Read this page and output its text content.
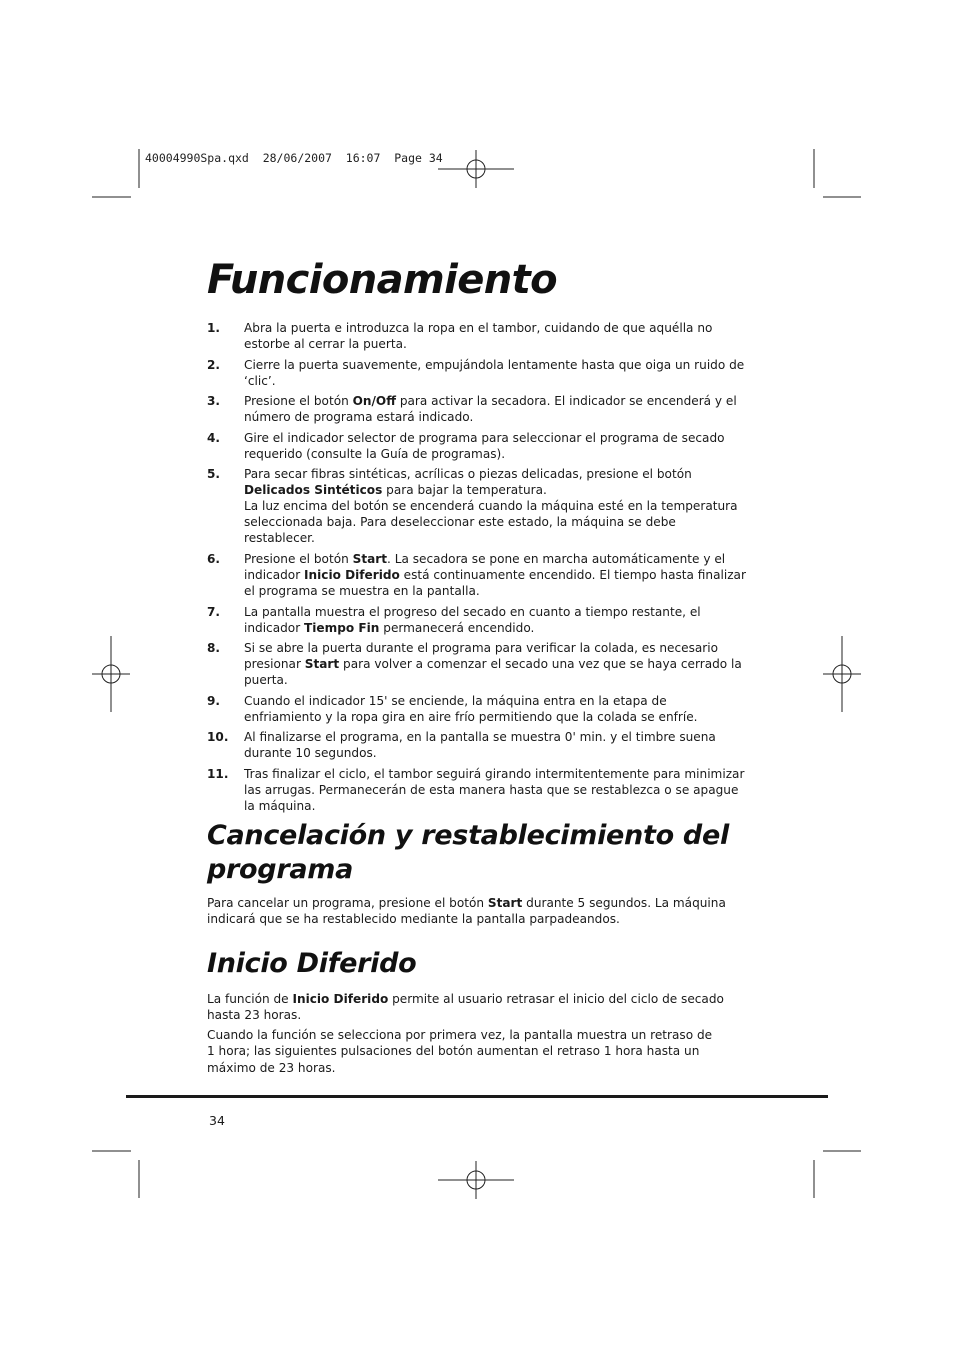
40004990Spa.qxd  28/06/2007  16:07  Page 34
Funcionamiento
1.	Abra la puerta e introduzca la ropa en el tambor, cuidando de que aquélla no estorbe al cerrar la puerta.
2.	Cierre la puerta suavemente, empujándola lentamente hasta que oiga un ruido de ‘clic’.
3.	Presione el botón On/Off para activar la secadora. El indicador se encenderá y el número de programa estará indicado.
4.	Gire el indicador selector de programa para seleccionar el programa de secado requerido (consulte la Guía de programas).
5.	Para secar fibras sintéticas, acrílicas o piezas delicadas, presione el botón Delicados Sintéticos para bajar la temperatura.
La luz encima del botón se encenderá cuando la máquina esté en la temperatura seleccionada baja. Para deseleccionar este estado, la máquina se debe restablecer.
6.	Presione el botón Start. La secadora se pone en marcha automáticamente y el indicador Inicio Diferido está continuamente encendido. El tiempo hasta finalizar el programa se muestra en la pantalla.
7.	La pantalla muestra el progreso del secado en cuanto a tiempo restante, el indicador Tiempo Fin permanecerá encendido.
8.	Si se abre la puerta durante el programa para verificar la colada, es necesario presionar Start para volver a comenzar el secado una vez que se haya cerrado la puerta.
9.	Cuando el indicador 15' se enciende, la máquina entra en la etapa de enfriamiento y la ropa gira en aire frío permitiendo que la colada se enfríe.
10.	Al finalizarse el programa, en la pantalla se muestra 0' min. y el timbre suena durante 10 segundos.
11.	Tras finalizar el ciclo, el tambor seguirá girando intermitentemente para minimizar las arrugas. Permanecerán de esta manera hasta que se restablezca o se apague la máquina.
Cancelación y restablecimiento del
programa

Para cancelar un programa, presione el botón Start durante 5 segundos. La máquina indicará que se ha restablecido mediante la pantalla parpadeandos.

Inicio Diferido

La función de Inicio Diferido permite al usuario retrasar el inicio del ciclo de secado hasta 23 horas.

Cuando la función se selecciona por primera vez, la pantalla muestra un retraso de
1 hora; las siguientes pulsaciones del botón aumentan el retraso 1 hora hasta un
máximo de 23 horas.

34
